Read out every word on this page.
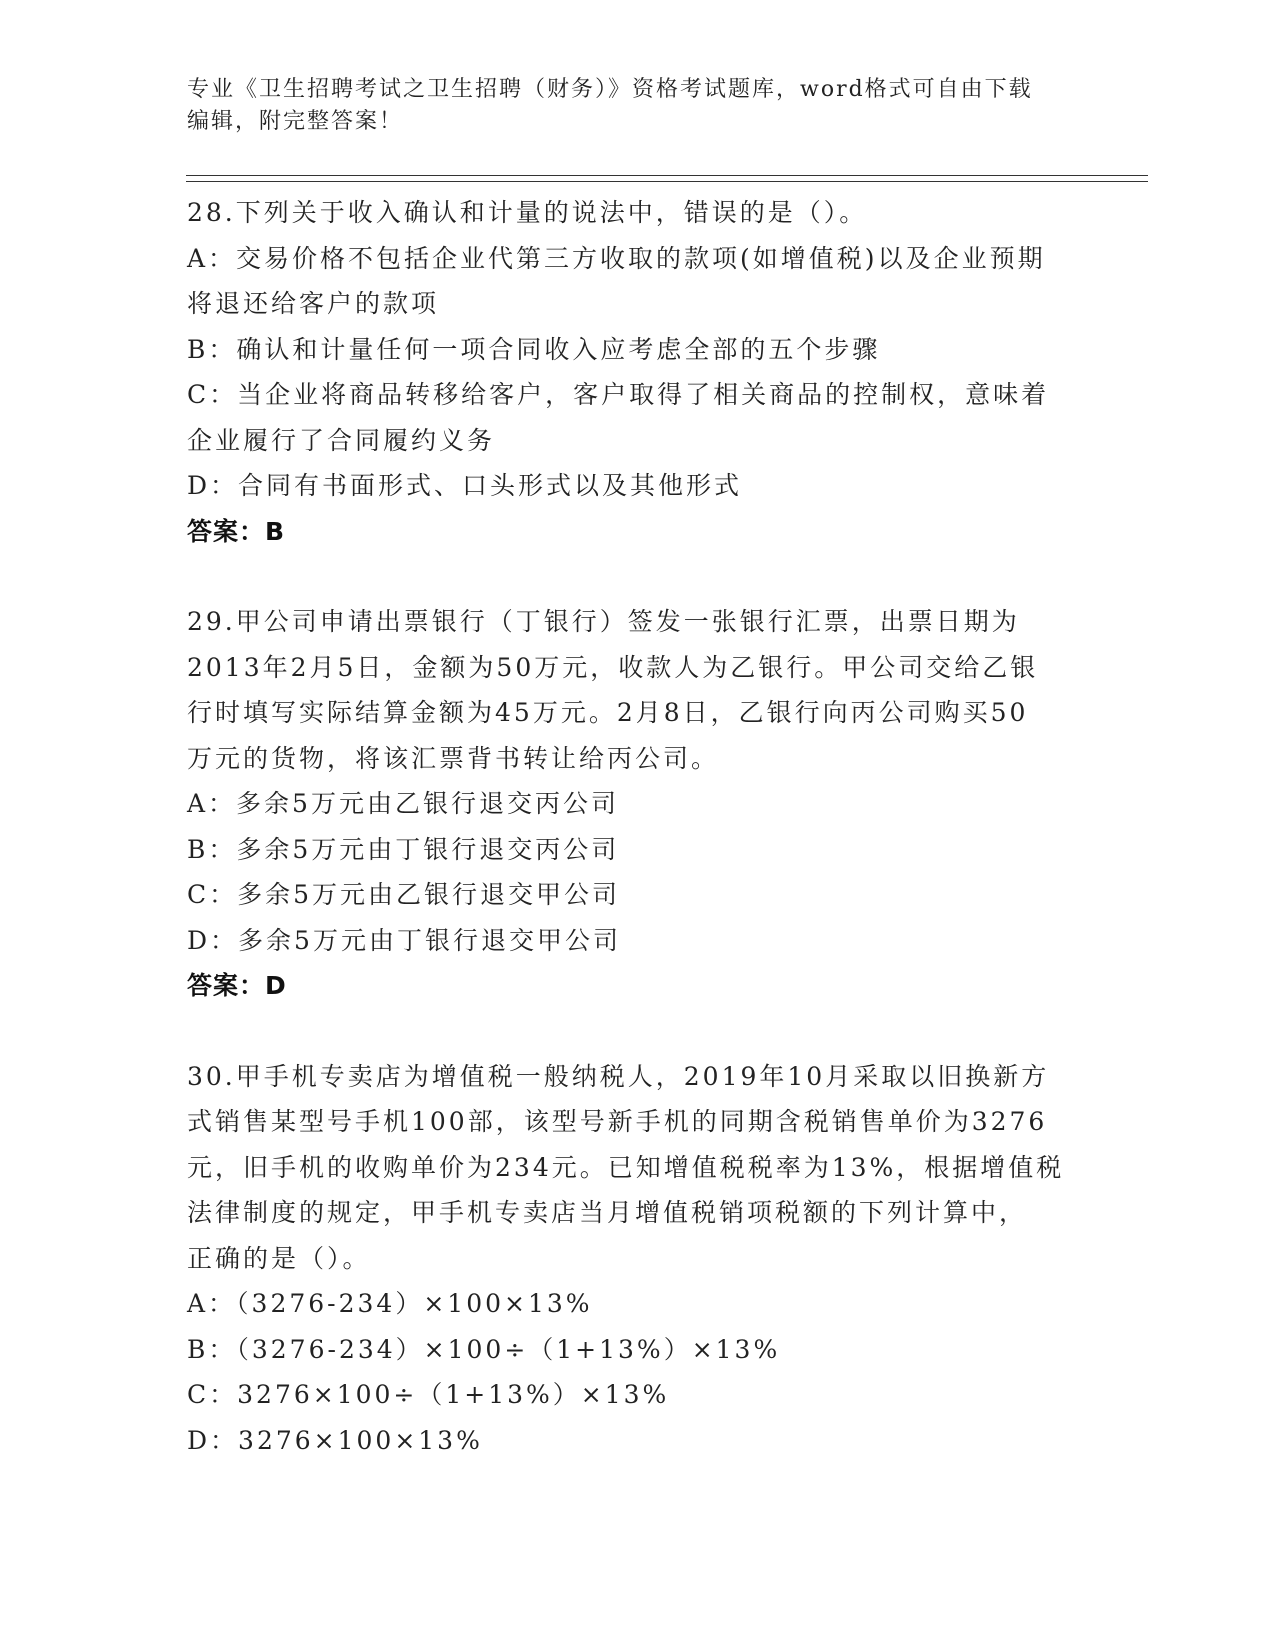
专业《卫生招聘考试之卫生招聘（财务）》资格考试题库，word格式可自由下载
编辑，附完整答案！
28.下列关于收入确认和计量的说法中，错误的是（）。
A：交易价格不包括企业代第三方收取的款项(如增值税)以及企业预期
将退还给客户的款项
B：确认和计量任何一项合同收入应考虑全部的五个步骤
C：当企业将商品转移给客户，客户取得了相关商品的控制权，意味着
企业履行了合同履约义务
D：合同有书面形式、口头形式以及其他形式
答案：B
29.甲公司申请出票银行（丁银行）签发一张银行汇票，出票日期为
2013年2月5日，金额为50万元，收款人为乙银行。甲公司交给乙银
行时填写实际结算金额为45万元。2月8日，乙银行向丙公司购买50
万元的货物，将该汇票背书转让给丙公司。
A：多余5万元由乙银行退交丙公司
B：多余5万元由丁银行退交丙公司
C：多余5万元由乙银行退交甲公司
D：多余5万元由丁银行退交甲公司
答案：D
30.甲手机专卖店为增值税一般纳税人，2019年10月采取以旧换新方
式销售某型号手机100部，该型号新手机的同期含税销售单价为3276
元，旧手机的收购单价为234元。已知增值税税率为13%，根据增值税
法律制度的规定，甲手机专卖店当月增值税销项税额的下列计算中，
正确的是（）。
A：（3276-234）×100×13%
B：（3276-234）×100÷（1+13%）×13%
C：3276×100÷（1+13%）×13%
D：3276×100×13%
